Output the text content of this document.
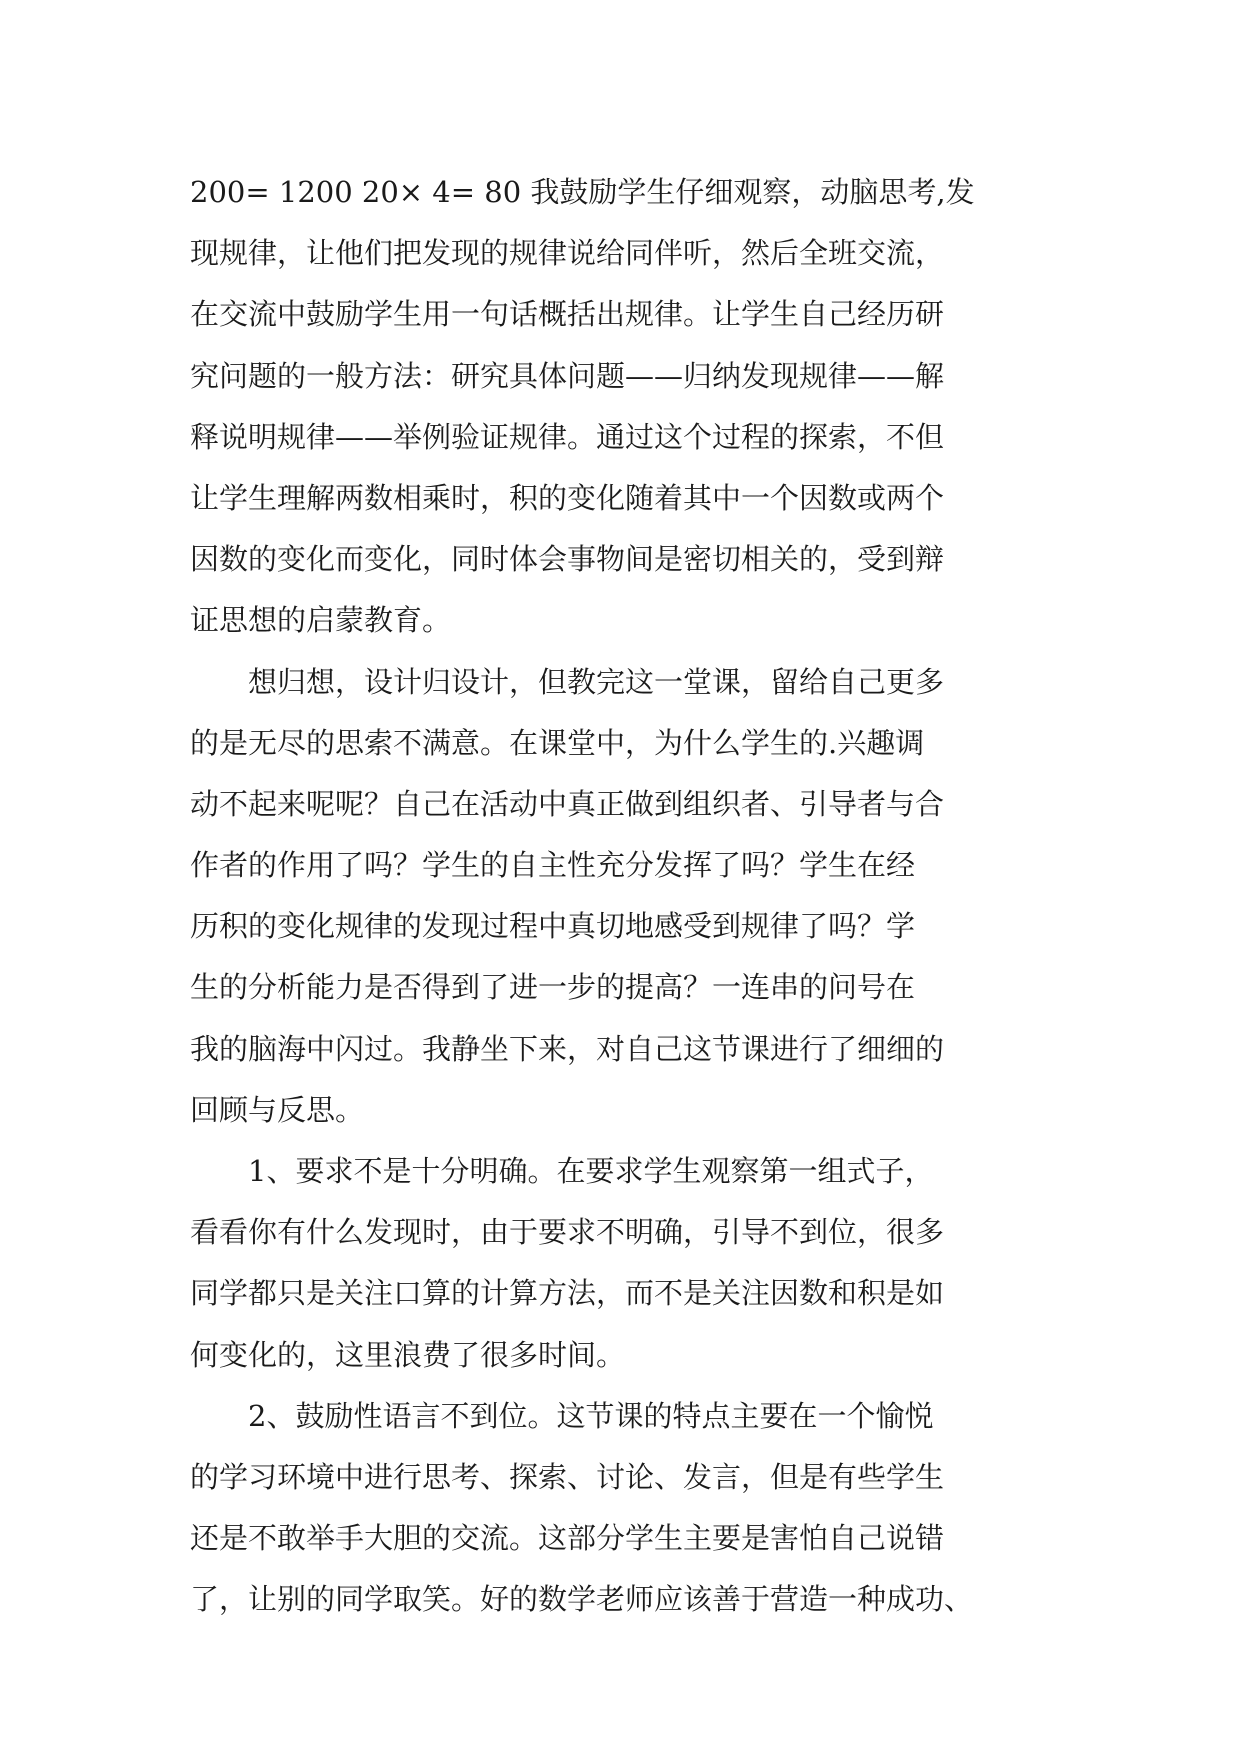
200= 1200 20× 4= 80 我鼓励学生仔细观察，动脑思考,发
现规律，让他们把发现的规律说给同伴听，然后全班交流，
在交流中鼓励学生用一句话概括出规律。让学生自己经历研
究问题的一般方法：研究具体问题——归纳发现规律——解
释说明规律——举例验证规律。通过这个过程的探索，不但
让学生理解两数相乘时，积的变化随着其中一个因数或两个
因数的变化而变化，同时体会事物间是密切相关的，受到辩
证思想的启蒙教育。
　　想归想，设计归设计，但教完这一堂课，留给自己更多
的是无尽的思索不满意。在课堂中，为什么学生的.兴趣调
动不起来呢呢？自己在活动中真正做到组织者、引导者与合
作者的作用了吗？学生的自主性充分发挥了吗？学生在经
历积的变化规律的发现过程中真切地感受到规律了吗？学
生的分析能力是否得到了进一步的提高？一连串的问号在
我的脑海中闪过。我静坐下来，对自己这节课进行了细细的
回顾与反思。
　　1、要求不是十分明确。在要求学生观察第一组式子，
看看你有什么发现时，由于要求不明确，引导不到位，很多
同学都只是关注口算的计算方法，而不是关注因数和积是如
何变化的，这里浪费了很多时间。
　　2、鼓励性语言不到位。这节课的特点主要在一个愉悦
的学习环境中进行思考、探索、讨论、发言，但是有些学生
还是不敢举手大胆的交流。这部分学生主要是害怕自己说错
了，让别的同学取笑。好的数学老师应该善于营造一种成功、
